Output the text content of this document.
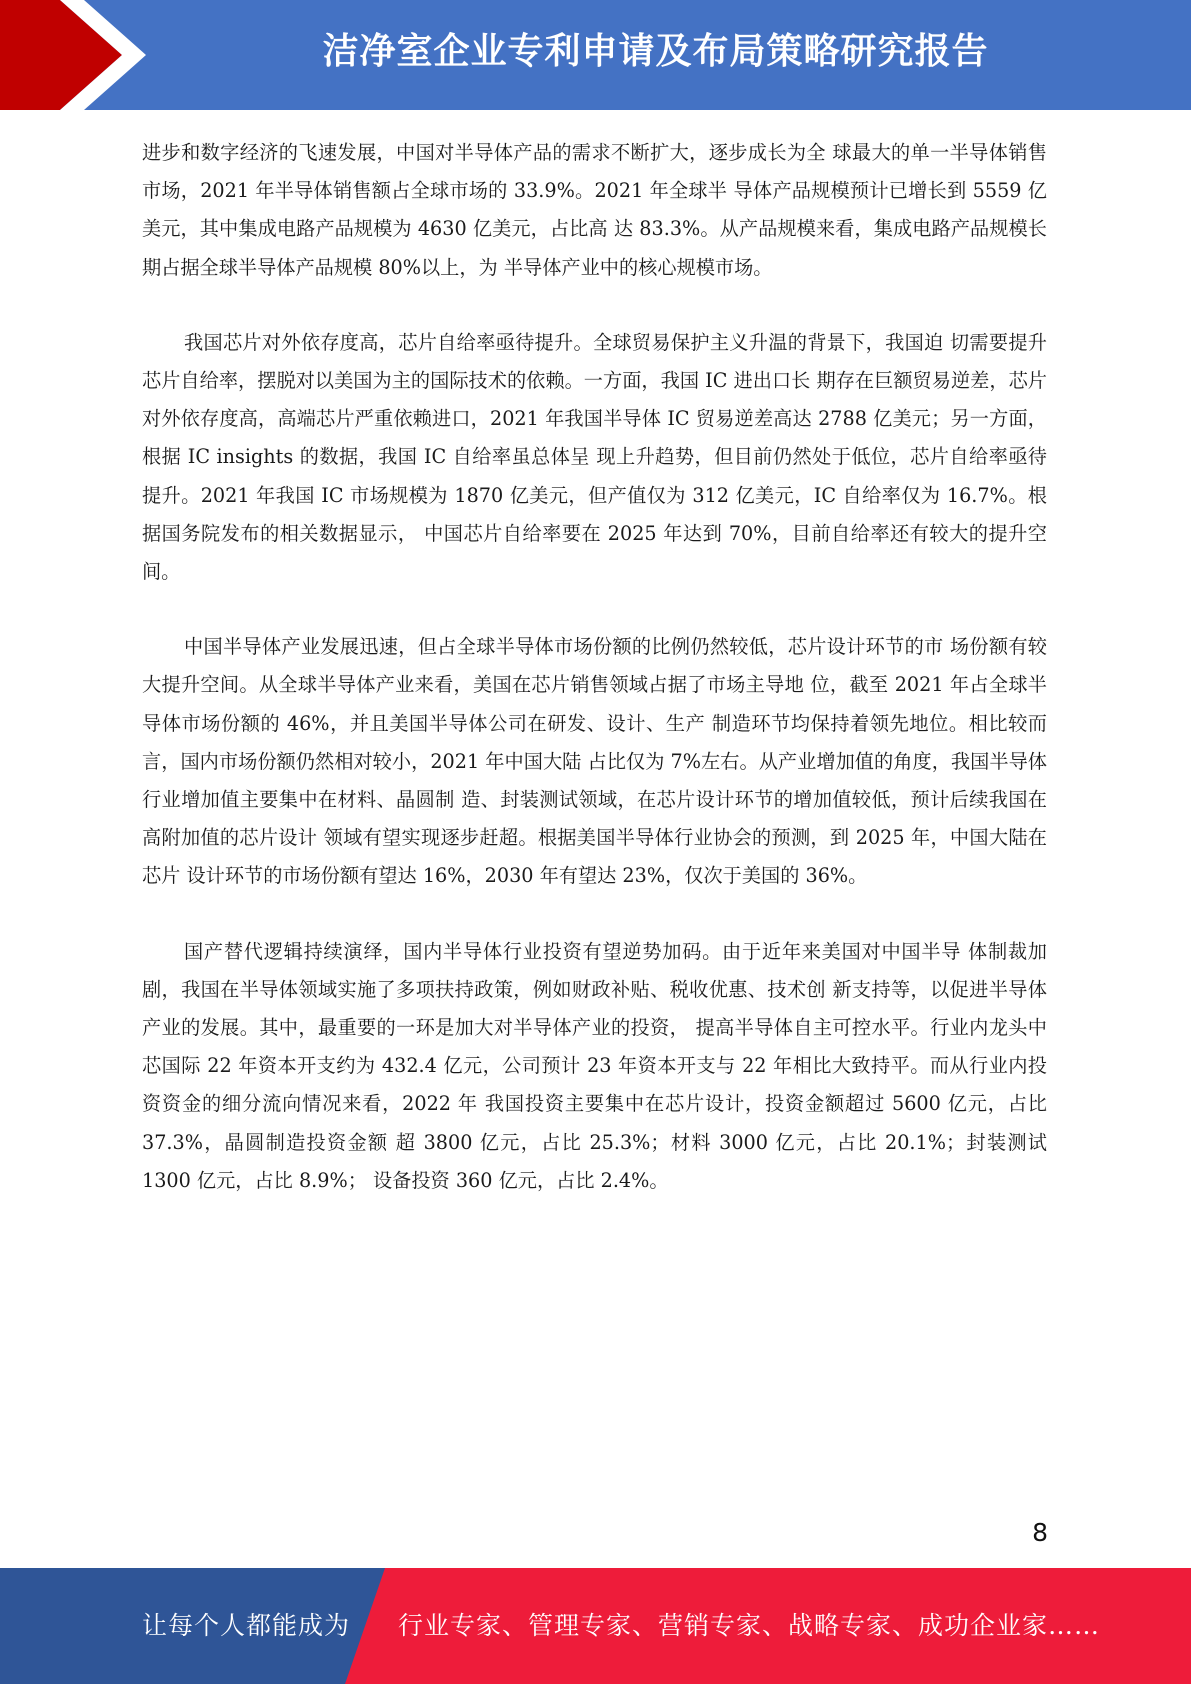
洁净室企业专利申请及布局策略研究报告

进步和数字经济的飞速发展，中国对半导体产品的需求不断扩大，逐步成长为全 球最大的单一半导体销售市场，2021 年半导体销售额占全球市场的 33.9%。2021 年全球半 导体产品规模预计已增长到 5559 亿美元，其中集成电路产品规模为 4630 亿美元，占比高 达 83.3%。从产品规模来看，集成电路产品规模长期占据全球半导体产品规模 80%以上，为 半导体产业中的核心规模市场。

我国芯片对外依存度高，芯片自给率亟待提升。全球贸易保护主义升温的背景下，我国迫 切需要提升芯片自给率，摆脱对以美国为主的国际技术的依赖。一方面，我国 IC 进出口长 期存在巨额贸易逆差，芯片对外依存度高，高端芯片严重依赖进口，2021 年我国半导体 IC 贸易逆差高达 2788 亿美元；另一方面，根据 IC insights 的数据，我国 IC 自给率虽总体呈 现上升趋势，但目前仍然处于低位，芯片自给率亟待提升。2021 年我国 IC 市场规模为 1870 亿美元，但产值仅为 312 亿美元，IC 自给率仅为 16.7%。根据国务院发布的相关数据显示， 中国芯片自给率要在 2025 年达到 70%，目前自给率还有较大的提升空间。

中国半导体产业发展迅速，但占全球半导体市场份额的比例仍然较低，芯片设计环节的市 场份额有较大提升空间。从全球半导体产业来看，美国在芯片销售领域占据了市场主导地 位，截至 2021 年占全球半导体市场份额的 46%，并且美国半导体公司在研发、设计、生产 制造环节均保持着领先地位。相比较而言，国内市场份额仍然相对较小，2021 年中国大陆 占比仅为 7%左右。从产业增加值的角度，我国半导体行业增加值主要集中在材料、晶圆制 造、封装测试领域，在芯片设计环节的增加值较低，预计后续我国在高附加值的芯片设计 领域有望实现逐步赶超。根据美国半导体行业协会的预测，到 2025 年，中国大陆在芯片 设计环节的市场份额有望达 16%，2030 年有望达 23%，仅次于美国的 36%。

国产替代逻辑持续演绎，国内半导体行业投资有望逆势加码。由于近年来美国对中国半导 体制裁加剧，我国在半导体领域实施了多项扶持政策，例如财政补贴、税收优惠、技术创 新支持等，以促进半导体产业的发展。其中，最重要的一环是加大对半导体产业的投资， 提高半导体自主可控水平。行业内龙头中芯国际 22 年资本开支约为 432.4 亿元，公司预计 23 年资本开支与 22 年相比大致持平。而从行业内投资资金的细分流向情况来看，2022 年 我国投资主要集中在芯片设计，投资金额超过 5600 亿元，占比 37.3%，晶圆制造投资金额 超 3800 亿元，占比 25.3%；材料 3000 亿元，占比 20.1%；封装测试 1300 亿元，占比 8.9%； 设备投资 360 亿元，占比 2.4%。

8
让每个人都能成为 行业专家、管理专家、营销专家、战略专家、成功企业家……
